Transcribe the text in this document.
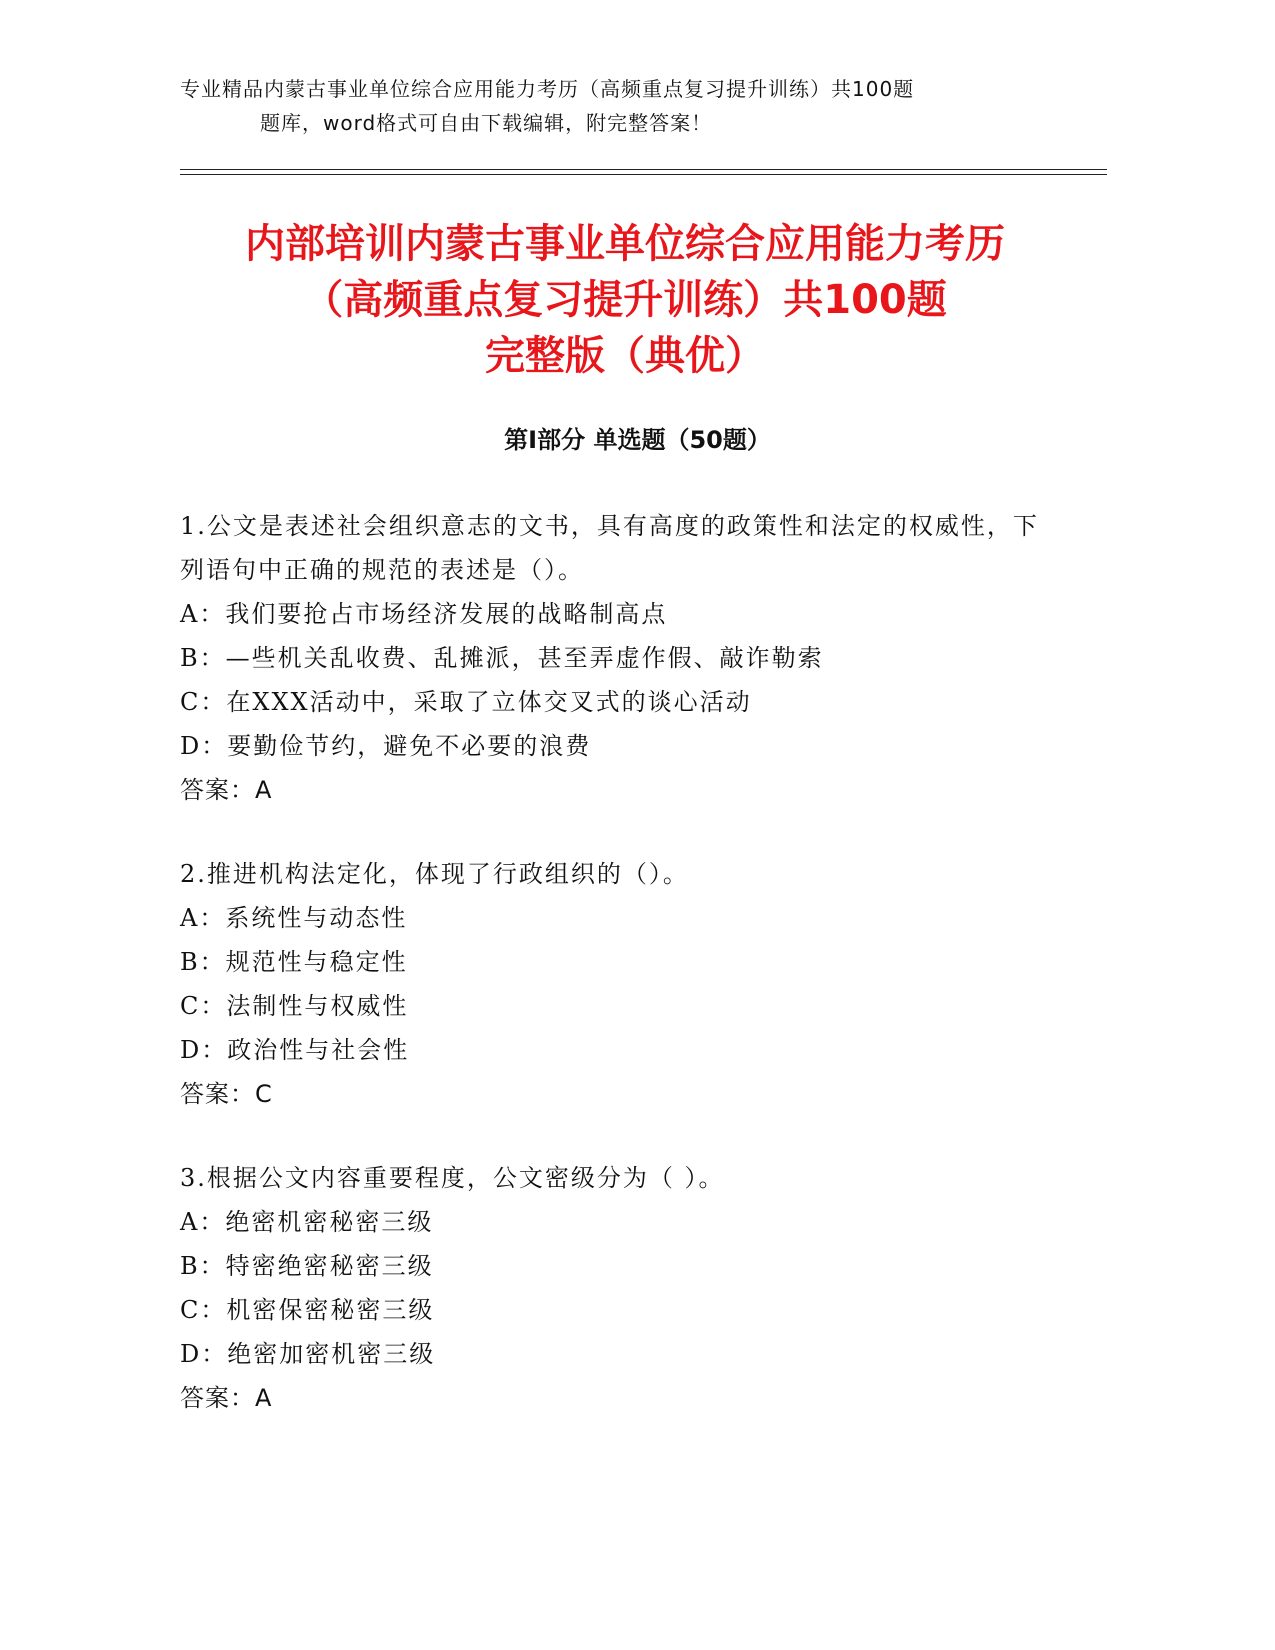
专业精品内蒙古事业单位综合应用能力考历（高频重点复习提升训练）共100题
题库，word格式可自由下载编辑，附完整答案！
内部培训内蒙古事业单位综合应用能力考历
（高频重点复习提升训练）共100题
完整版（典优）
第I部分 单选题（50题）
1.公文是表述社会组织意志的文书，具有高度的政策性和法定的权威性，下列语句中正确的规范的表述是（）。
A：我们要抢占市场经济发展的战略制高点
B：—些机关乱收费、乱摊派，甚至弄虚作假、敲诈勒索
C：在XXX活动中，采取了立体交叉式的谈心活动
D：要勤俭节约，避免不必要的浪费
答案：A
2.推进机构法定化，体现了行政组织的（）。
A：系统性与动态性
B：规范性与稳定性
C：法制性与权威性
D：政治性与社会性
答案：C
3.根据公文内容重要程度，公文密级分为（ ）。
A：绝密机密秘密三级
B：特密绝密秘密三级
C：机密保密秘密三级
D：绝密加密机密三级
答案：A
